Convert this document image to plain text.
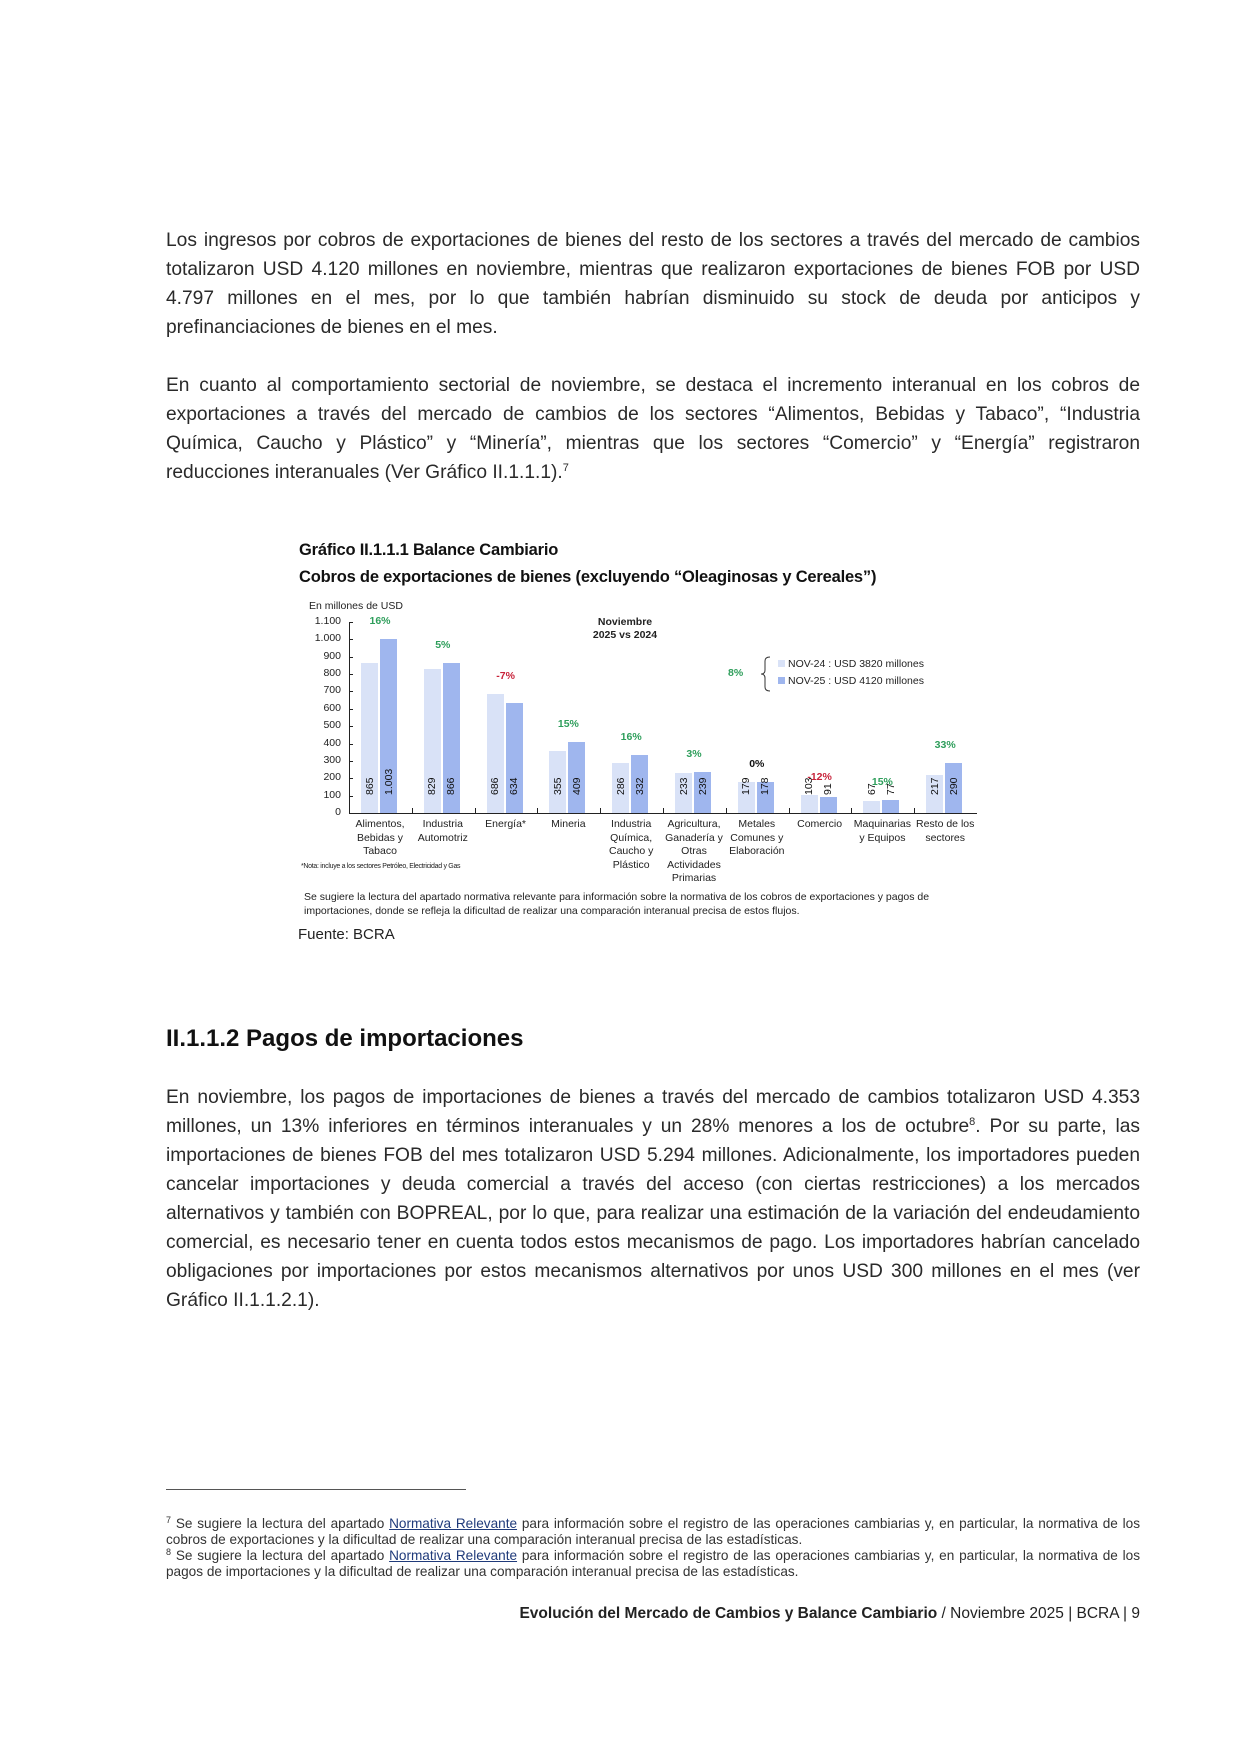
Los ingresos por cobros de exportaciones de bienes del resto de los sectores a través del mercado de cambios totalizaron USD 4.120 millones en noviembre, mientras que realizaron exportaciones de bienes FOB por USD 4.797 millones en el mes, por lo que también habrían disminuido su stock de deuda por anticipos y prefinanciaciones de bienes en el mes.
En cuanto al comportamiento sectorial de noviembre, se destaca el incremento interanual en los cobros de exportaciones a través del mercado de cambios de los sectores “Alimentos, Bebidas y Tabaco”, “Industria Química, Caucho y Plástico” y “Minería”, mientras que los sectores “Comercio” y “Energía” registraron reducciones interanuales (Ver Gráfico II.1.1.1).$^7$
Gráfico II.1.1.1 Balance Cambiario
Cobros de exportaciones de bienes (excluyendo “Oleaginosas y Cereales”)
En millones de USD
0
100
200
300
400
500
600
700
800
900
1.000
1.100
865 1.003
16%
829 866
5%
686 634
-7%
355 409
15%
286 332
16%
233 239
3%
179 178
0%
103 91
-12%
67 77
15%	217 290
33%
Alimentos,
Bebidas y
Tabaco
Industria
Automotriz
Energía*	Mineria	Industria
Química,
Caucho y
Plástico
Agricultura,
Ganadería y
Otras
Actividades
Primarias
Metales
Comunes y
Elaboración
Comercio	Maquinarias
y Equipos
Resto de los
sectores
Noviembre
2025 vs 2024
8%
NOV-24 : USD 3820 millones
NOV-25 : USD 4120 millones
*Nota: incluye a los sectores Petróleo, Electricidad y Gas
Se sugiere la lectura del apartado normativa relevante para información sobre la normativa de los cobros de exportaciones y pagos de importaciones, donde se refleja la dificultad de realizar una comparación interanual precisa de estos flujos.
Fuente: BCRA
II.1.1.2 Pagos de importaciones
En noviembre, los pagos de importaciones de bienes a través del mercado de cambios totalizaron USD 4.353 millones, un 13% inferiores en términos interanuales y un 28% menores a los de octubre$^8$. Por su parte, las importaciones de bienes FOB del mes totalizaron USD 5.294 millones. Adicionalmente, los importadores pueden cancelar importaciones y deuda comercial a través del acceso (con ciertas restricciones) a los mercados alternativos y también con BOPREAL, por lo que, para realizar una estimación de la variación del endeudamiento comercial, es necesario tener en cuenta todos estos mecanismos de pago. Los importadores habrían cancelado obligaciones por importaciones por estos mecanismos alternativos por unos USD 300 millones en el mes (ver Gráfico II.1.1.2.1).
$^7$ Se sugiere la lectura del apartado Normativa Relevante para información sobre el registro de las operaciones cambiarias y, en particular, la normativa de los cobros de exportaciones y la dificultad de realizar una comparación interanual precisa de las estadísticas.
$^8$ Se sugiere la lectura del apartado Normativa Relevante para información sobre el registro de las operaciones cambiarias y, en particular, la normativa de los pagos de importaciones y la dificultad de realizar una comparación interanual precisa de las estadísticas.
Evolución del Mercado de Cambios y Balance Cambiario / Noviembre 2025 | BCRA | 9
